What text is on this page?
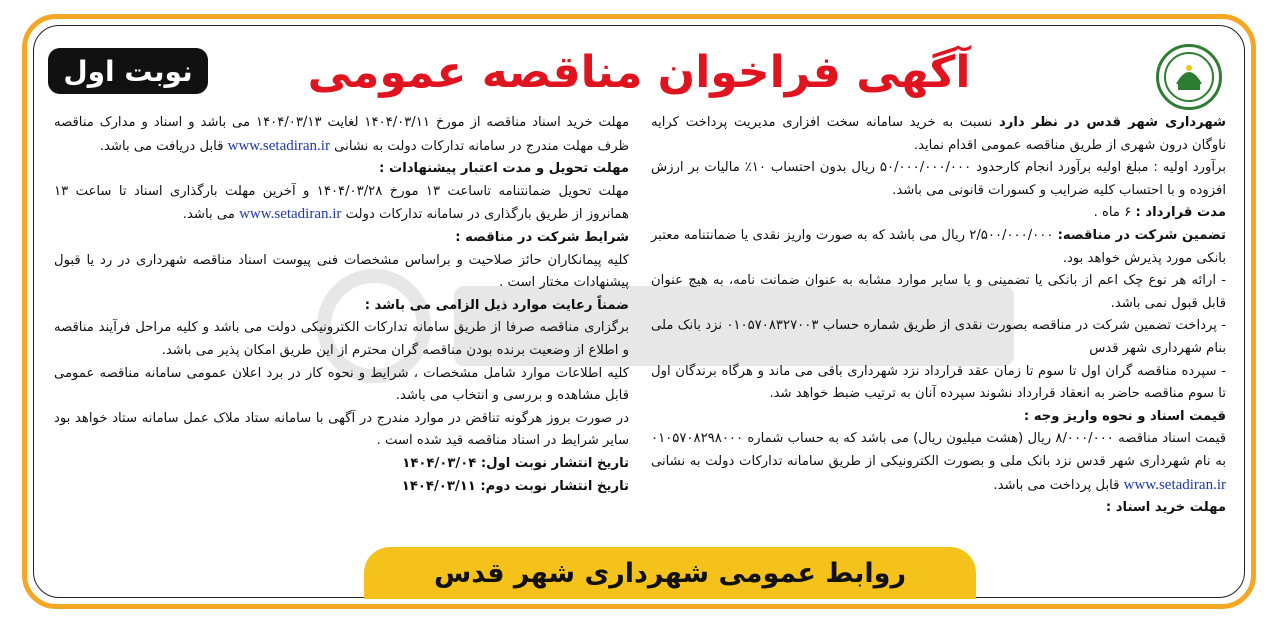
آگهی فراخوان مناقصه عمومی
نوبت اول

شهرداری شهر قدس در نظر دارد نسبت به خرید سامانه سخت افزاری مدیریت پرداخت کرایه ناوگان درون شهری از طریق مناقصه عمومی اقدام نماید.

برآورد اولیه : مبلغ اولیه برآورد انجام کارحدود ۵۰/۰۰۰/۰۰۰/۰۰۰ ریال بدون احتساب ۱۰٪ مالیات بر ارزش افزوده و با احتساب کلیه ضرایب و کسورات قانونی می باشد.

مدت قرارداد : ۶ ماه .

تضمین شرکت در مناقصه: ۲/۵۰۰/۰۰۰/۰۰۰ ریال می باشد که به صورت واریز نقدی یا ضمانتنامه معتبر بانکی مورد پذیرش خواهد بود.

- ارائه هر نوع چک اعم از بانکی یا تضمینی و یا سایر موارد مشابه به عنوان ضمانت نامه، به هیچ عنوان قابل قبول نمی باشد.

- پرداخت تضمین شرکت در مناقصه بصورت نقدی از طریق شماره حساب ۰۱۰۵۷۰۸۳۲۷۰۰۳ نزد بانک ملی بنام شهرداری شهر قدس

- سپرده مناقصه گران اول تا سوم تا زمان عقد قرارداد نزد شهرداری باقی می ماند و هرگاه برندگان اول تا سوم مناقصه حاضر به انعقاد قرارداد نشوند سپرده آنان به ترتیب ضبط خواهد شد.

قیمت اسناد و نحوه واریز وجه :

قیمت اسناد مناقصه ۸/۰۰۰/۰۰۰ ریال (هشت میلیون ریال) می باشد که به حساب شماره ۰۱۰۵۷۰۸۲۹۸۰۰۰ به نام شهرداری شهر قدس نزد بانک ملی و بصورت الکترونیکی از طریق سامانه تدارکات دولت به نشانی www.setadiran.ir قابل پرداخت می باشد.

مهلت خرید اسناد :

مهلت خرید اسناد مناقصه از مورخ ۱۴۰۴/۰۳/۱۱ لغایت ۱۴۰۴/۰۳/۱۳ می باشد و اسناد و مدارک مناقصه ظرف مهلت مندرج در سامانه تدارکات دولت به نشانی www.setadiran.ir قابل دریافت می باشد.

مهلت تحویل و مدت اعتبار پیشنهادات :

مهلت تحویل ضمانتنامه تاساعت ۱۳ مورخ ۱۴۰۴/۰۳/۲۸ و آخرین مهلت بارگذاری اسناد تا ساعت ۱۳ همانروز از طریق بارگذاری در سامانه تدارکات دولت www.setadiran.ir می باشد.

شرایط شرکت در مناقصه :

کلیه پیمانکاران حائز صلاحیت و براساس مشخصات فنی پیوست اسناد مناقصه شهرداری در رد یا قبول پیشنهادات مختار است .

ضمناً رعایت موارد ذیل الزامی می باشد :

برگزاری مناقصه صرفا از طریق سامانه تدارکات الکترونیکی دولت می باشد و کلیه مراحل فرآیند مناقصه و اطلاع از وضعیت برنده بودن مناقصه گران محترم از این طریق امکان پذیر می باشد.

کلیه اطلاعات موارد شامل مشخصات ، شرایط و نحوه کار در برد اعلان عمومی سامانه مناقصه عمومی قابل مشاهده و بررسی و انتخاب می باشد.

در صورت بروز هرگونه تناقض در موارد مندرج در آگهی با سامانه ستاد ملاک عمل سامانه ستاد خواهد بود سایر شرایط در اسناد مناقصه قید شده است .

تاریخ انتشار نوبت اول: ۱۴۰۴/۰۳/۰۴

تاریخ انتشار نوبت دوم: ۱۴۰۴/۰۳/۱۱

روابط عمومی شهرداری شهر قدس
